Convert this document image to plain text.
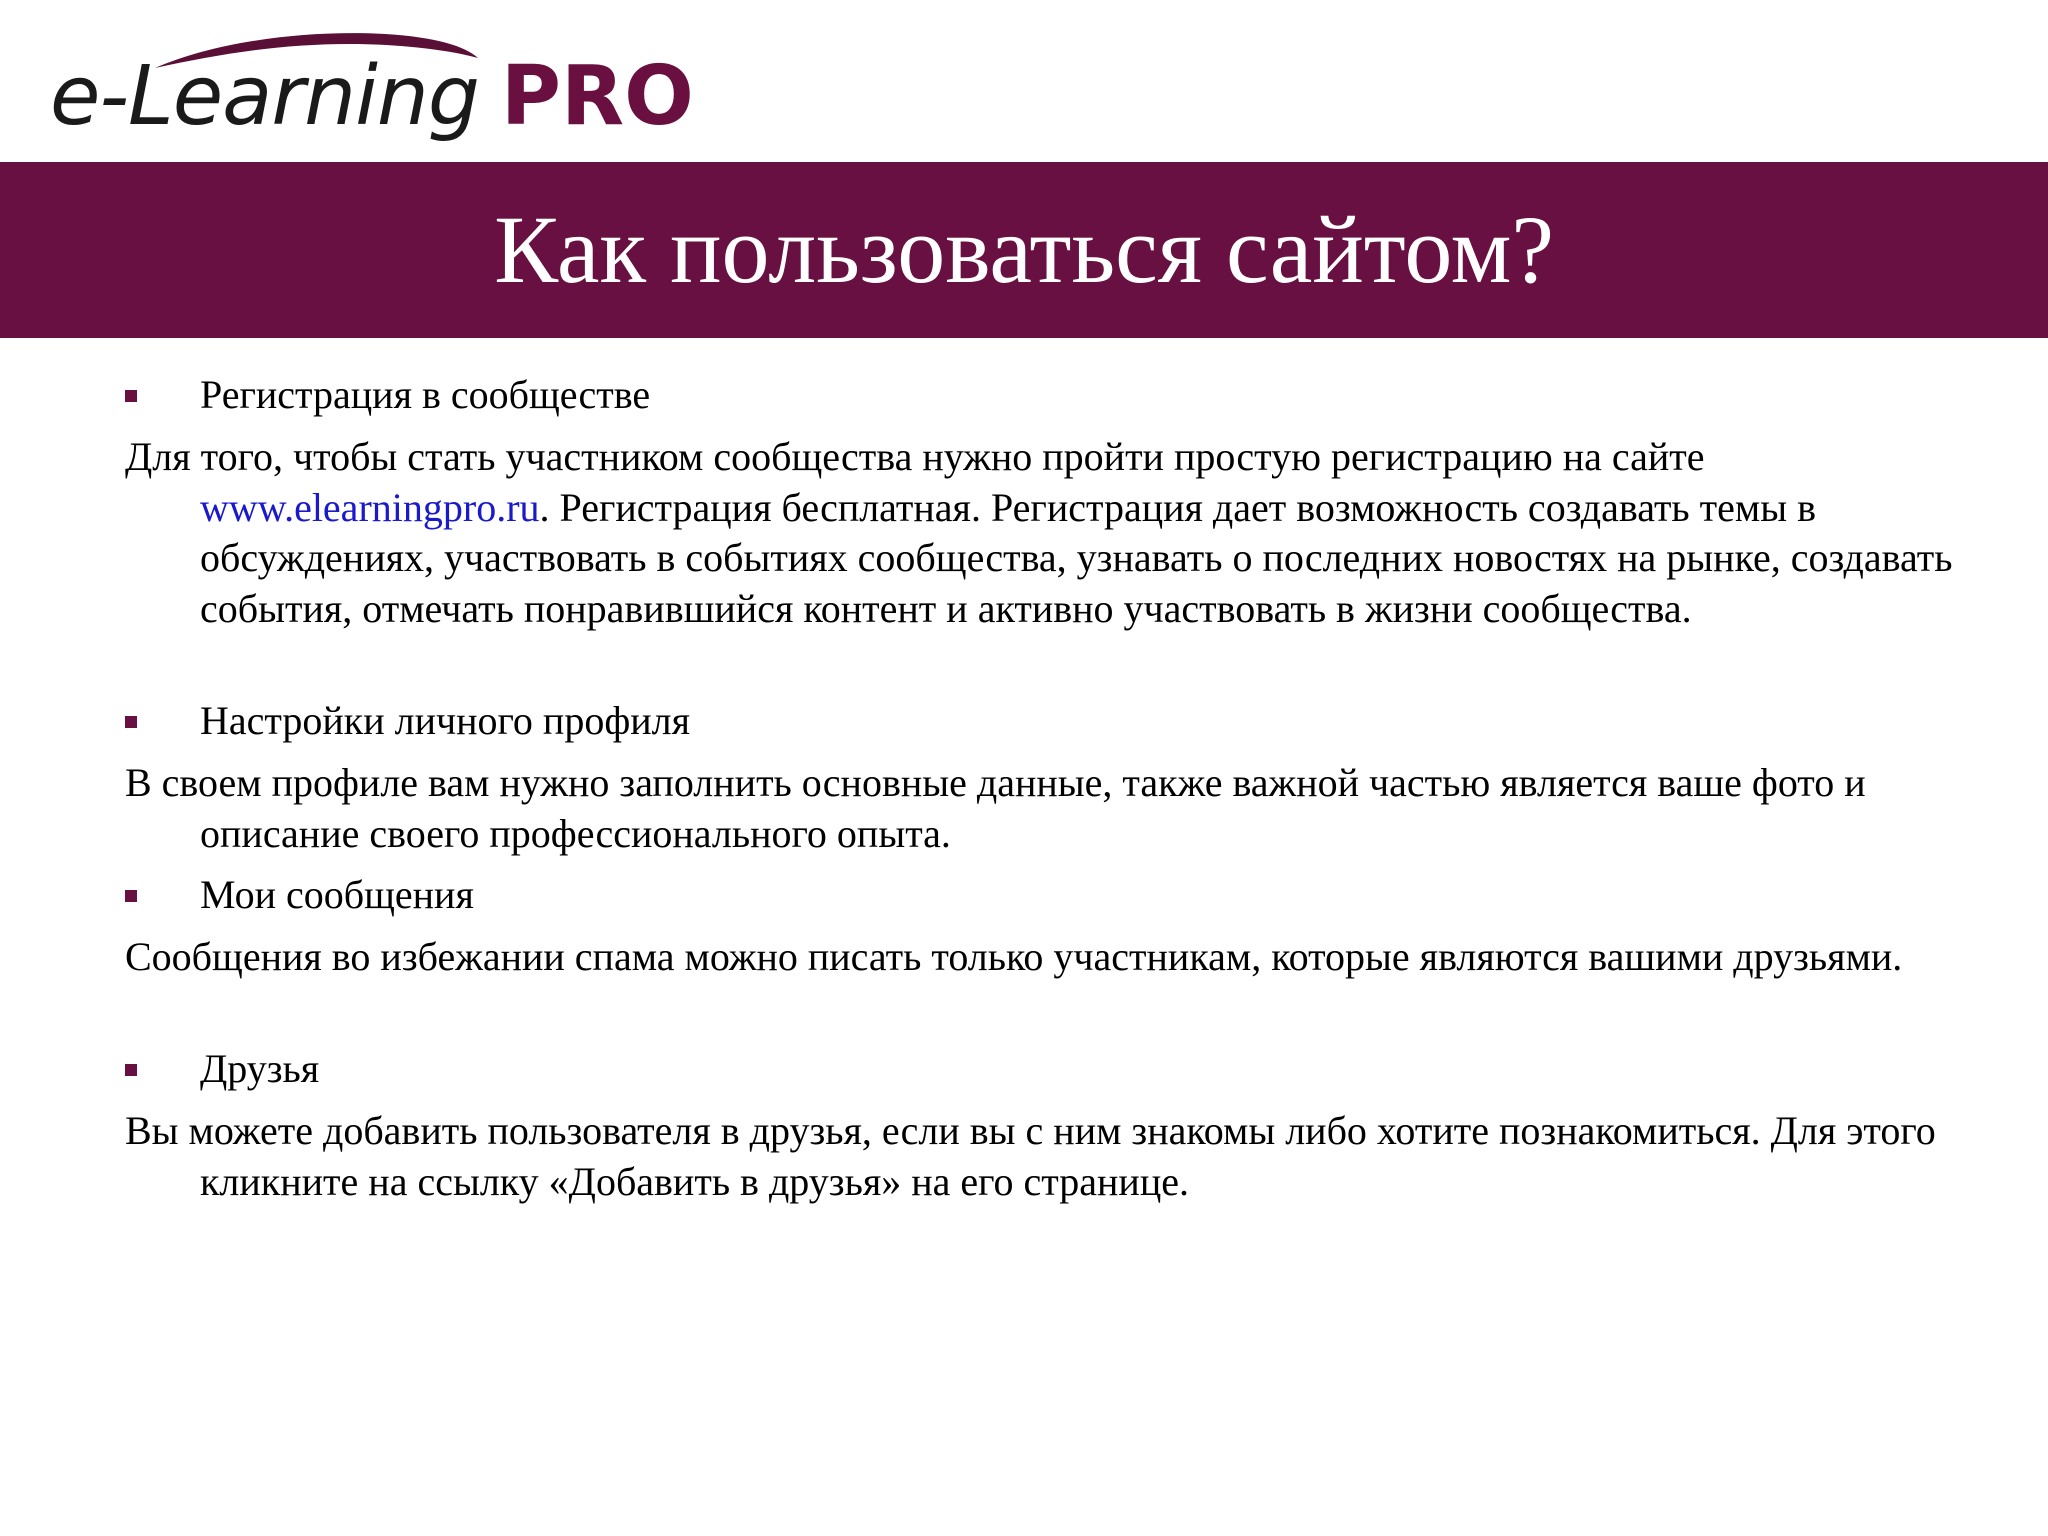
e-Learning PRO
Как пользоваться сайтом?
Регистрация в сообществе

Для того, чтобы стать участником сообщества нужно пройти простую регистрацию на сайте www.elearningpro.ru. Регистрация бесплатная. Регистрация дает возможность создавать темы в обсуждениях, участвовать в событиях сообщества, узнавать о последних новостях на рынке, создавать события, отмечать понравившийся контент и активно участвовать в жизни сообщества.

Настройки личного профиля

В своем профиле вам нужно заполнить основные данные, также важной частью является ваше фото и описание своего профессионального опыта.

Мои сообщения

Сообщения во избежании спама можно писать только участникам, которые являются вашими друзьями.

Друзья

Вы можете добавить пользователя в друзья, если вы с ним знакомы либо хотите познакомиться. Для этого кликните на ссылку «Добавить в друзья» на его странице.
